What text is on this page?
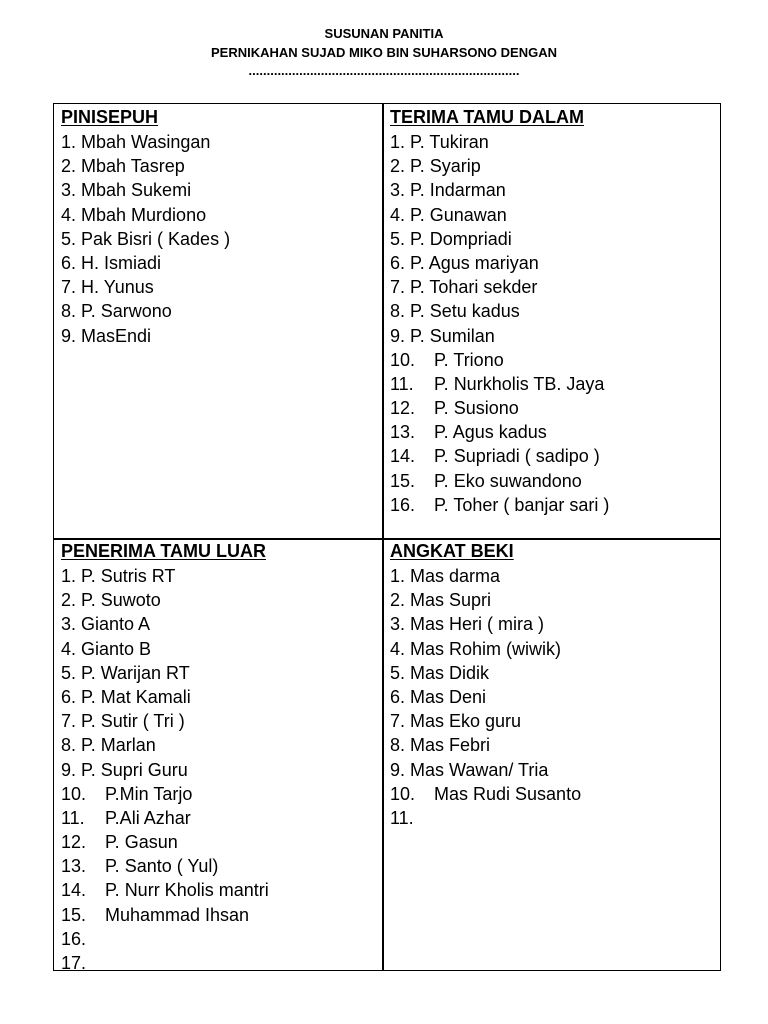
SUSUNAN PANITIA
PERNIKAHAN SUJAD MIKO BIN SUHARSONO DENGAN
...........................................................................
PINISEPUH
1. Mbah Wasingan
2. Mbah Tasrep
3. Mbah Sukemi
4. Mbah Murdiono
5. Pak Bisri ( Kades )
6. H. Ismiadi
7. H. Yunus
8. P. Sarwono
9. MasEndi
TERIMA TAMU DALAM
1. P. Tukiran
2. P. Syarip
3. P. Indarman
4. P. Gunawan
5. P. Dompriadi
6. P. Agus mariyan
7. P. Tohari sekder
8. P. Setu kadus
9. P. Sumilan
10. P. Triono
11. P. Nurkholis TB. Jaya
12. P. Susiono
13. P. Agus kadus
14. P. Supriadi ( sadipo )
15. P. Eko suwandono
16. P. Toher ( banjar sari )
PENERIMA TAMU LUAR
1. P. Sutris RT
2. P. Suwoto
3. Gianto A
4. Gianto B
5. P. Warijan RT
6. P. Mat Kamali
7. P. Sutir ( Tri )
8. P. Marlan
9. P. Supri Guru
10. P.Min Tarjo
11. P.Ali Azhar
12. P. Gasun
13. P. Santo ( Yul)
14. P. Nurr Kholis mantri
15. Muhammad Ihsan
16.
17.
ANGKAT BEKI
1. Mas darma
2. Mas Supri
3. Mas Heri ( mira )
4. Mas Rohim (wiwik)
5. Mas Didik
6. Mas Deni
7. Mas Eko guru
8. Mas Febri
9. Mas Wawan/ Tria
10. Mas Rudi Susanto
11.
